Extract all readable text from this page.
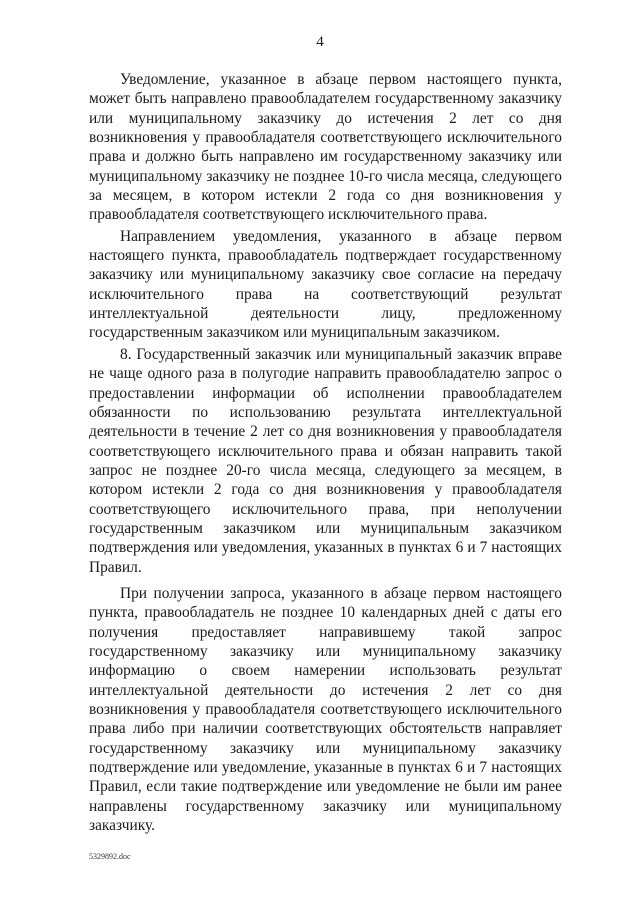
4

Уведомление, указанное в абзаце первом настоящего пункта, может быть направлено правообладателем государственному заказчику или муниципальному заказчику до истечения 2 лет со дня возникновения у правообладателя соответствующего исключительного права и должно быть направлено им государственному заказчику или муниципальному заказчику не позднее 10-го числа месяца, следующего за месяцем, в котором истекли 2 года со дня возникновения у правообладателя соответствующего исключительного права.

Направлением уведомления, указанного в абзаце первом настоящего пункта, правообладатель подтверждает государственному заказчику или муниципальному заказчику свое согласие на передачу исключительного права на соответствующий результат интеллектуальной деятельности лицу, предложенному государственным заказчиком или муниципальным заказчиком.

8. Государственный заказчик или муниципальный заказчик вправе не чаще одного раза в полугодие направить правообладателю запрос о предоставлении информации об исполнении правообладателем обязанности по использованию результата интеллектуальной деятельности в течение 2 лет со дня возникновения у правообладателя соответствующего исключительного права и обязан направить такой запрос не позднее 20-го числа месяца, следующего за месяцем, в котором истекли 2 года со дня возникновения у правообладателя соответствующего исключительного права, при неполучении государственным заказчиком или муниципальным заказчиком подтверждения или уведомления, указанных в пунктах 6 и 7 настоящих Правил.

При получении запроса, указанного в абзаце первом настоящего пункта, правообладатель не позднее 10 календарных дней с даты его получения предоставляет направившему такой запрос государственному заказчику или муниципальному заказчику информацию о своем намерении использовать результат интеллектуальной деятельности до истечения 2 лет со дня возникновения у правообладателя соответствующего исключительного права либо при наличии соответствующих обстоятельств направляет государственному заказчику или муниципальному заказчику подтверждение или уведомление, указанные в пунктах 6 и 7 настоящих Правил, если такие подтверждение или уведомление не были им ранее направлены государственному заказчику или муниципальному заказчику.

5329892.doc
